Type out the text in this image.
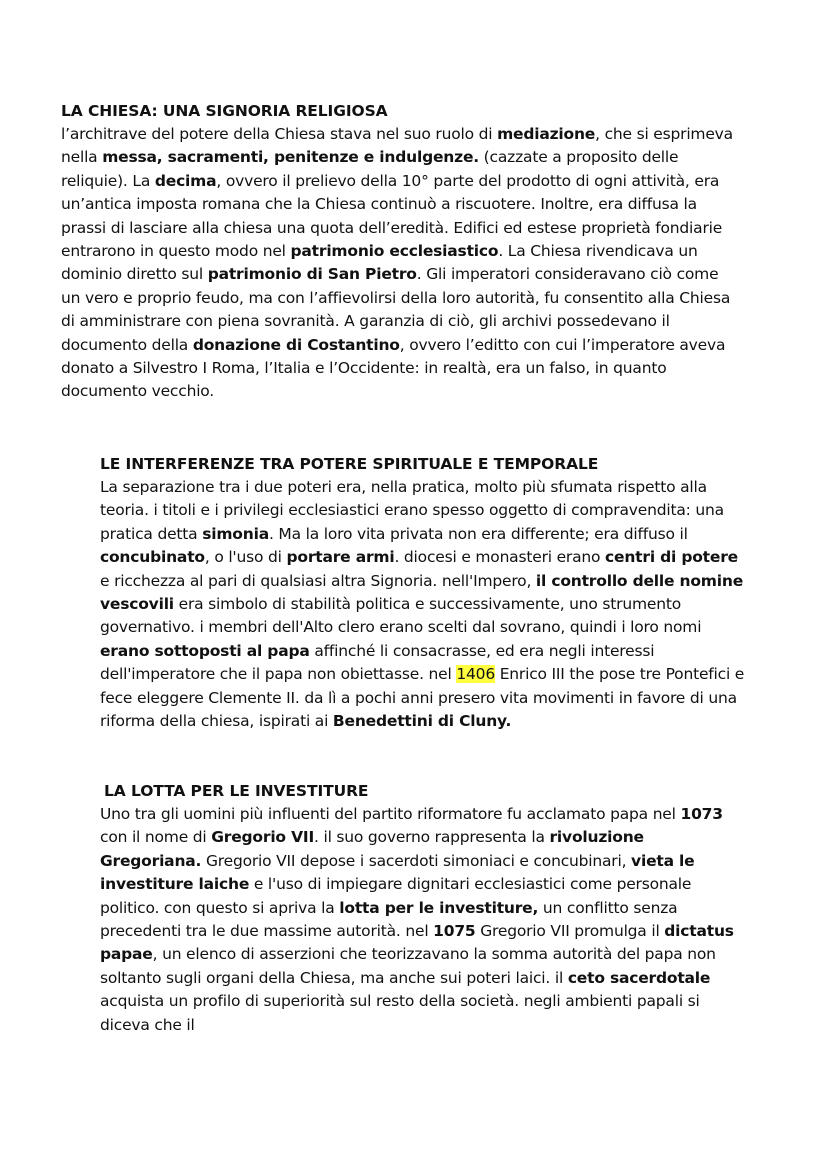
LA CHIESA: UNA SIGNORIA RELIGIOSA

l’architrave del potere della Chiesa stava nel suo ruolo di mediazione, che si esprimeva nella messa, sacramenti, penitenze e indulgenze. (cazzate a proposito delle reliquie). La decima, ovvero il prelievo della 10° parte del prodotto di ogni attività, era un’antica imposta romana che la Chiesa continuò a riscuotere. Inoltre, era diffusa la prassi di lasciare alla chiesa una quota dell’eredità. Edifici ed estese proprietà fondiarie entrarono in questo modo nel patrimonio ecclesiastico. La Chiesa rivendicava un dominio diretto sul patrimonio di San Pietro. Gli imperatori consideravano ciò come un vero e proprio feudo, ma con l’affievolirsi della loro autorità, fu consentito alla Chiesa di amministrare con piena sovranità. A garanzia di ciò, gli archivi possedevano il documento della donazione di Costantino, ovvero l’editto con cui l’imperatore aveva donato a Silvestro I Roma, l’Italia e l’Occidente: in realtà, era un falso, in quanto documento vecchio.

LE INTERFERENZE TRA POTERE SPIRITUALE E TEMPORALE

La separazione tra i due poteri era, nella pratica, molto più sfumata rispetto alla teoria. i titoli e i privilegi ecclesiastici erano spesso oggetto di compravendita: una pratica detta simonia. Ma la loro vita privata non era differente; era diffuso il concubinato, o l'uso di portare armi. diocesi e monasteri erano centri di potere e ricchezza al pari di qualsiasi altra Signoria. nell'Impero, il controllo delle nomine vescovili era simbolo di stabilità politica e successivamente, uno strumento governativo. i membri dell'Alto clero erano scelti dal sovrano, quindi i loro nomi erano sottoposti al papa affinché li consacrasse, ed era negli interessi dell'imperatore che il papa non obiettasse. nel 1406 Enrico III the pose tre Pontefici e fece eleggere Clemente II. da lì a pochi anni presero vita movimenti in favore di una riforma della chiesa, ispirati ai Benedettini di Cluny.

LA LOTTA PER LE INVESTITURE

Uno tra gli uomini più influenti del partito riformatore fu acclamato papa nel 1073 con il nome di Gregorio VII. il suo governo rappresenta la rivoluzione Gregoriana. Gregorio VII depose i sacerdoti simoniaci e concubinari, vieta le investiture laiche e l'uso di impiegare dignitari ecclesiastici come personale politico. con questo si apriva la lotta per le investiture, un conflitto senza precedenti tra le due massime autorità. nel 1075 Gregorio VII promulga il dictatus papae, un elenco di asserzioni che teorizzavano la somma autorità del papa non soltanto sugli organi della Chiesa, ma anche sui poteri laici. il ceto sacerdotale acquista un profilo di superiorità sul resto della società. negli ambienti papali si diceva che il
